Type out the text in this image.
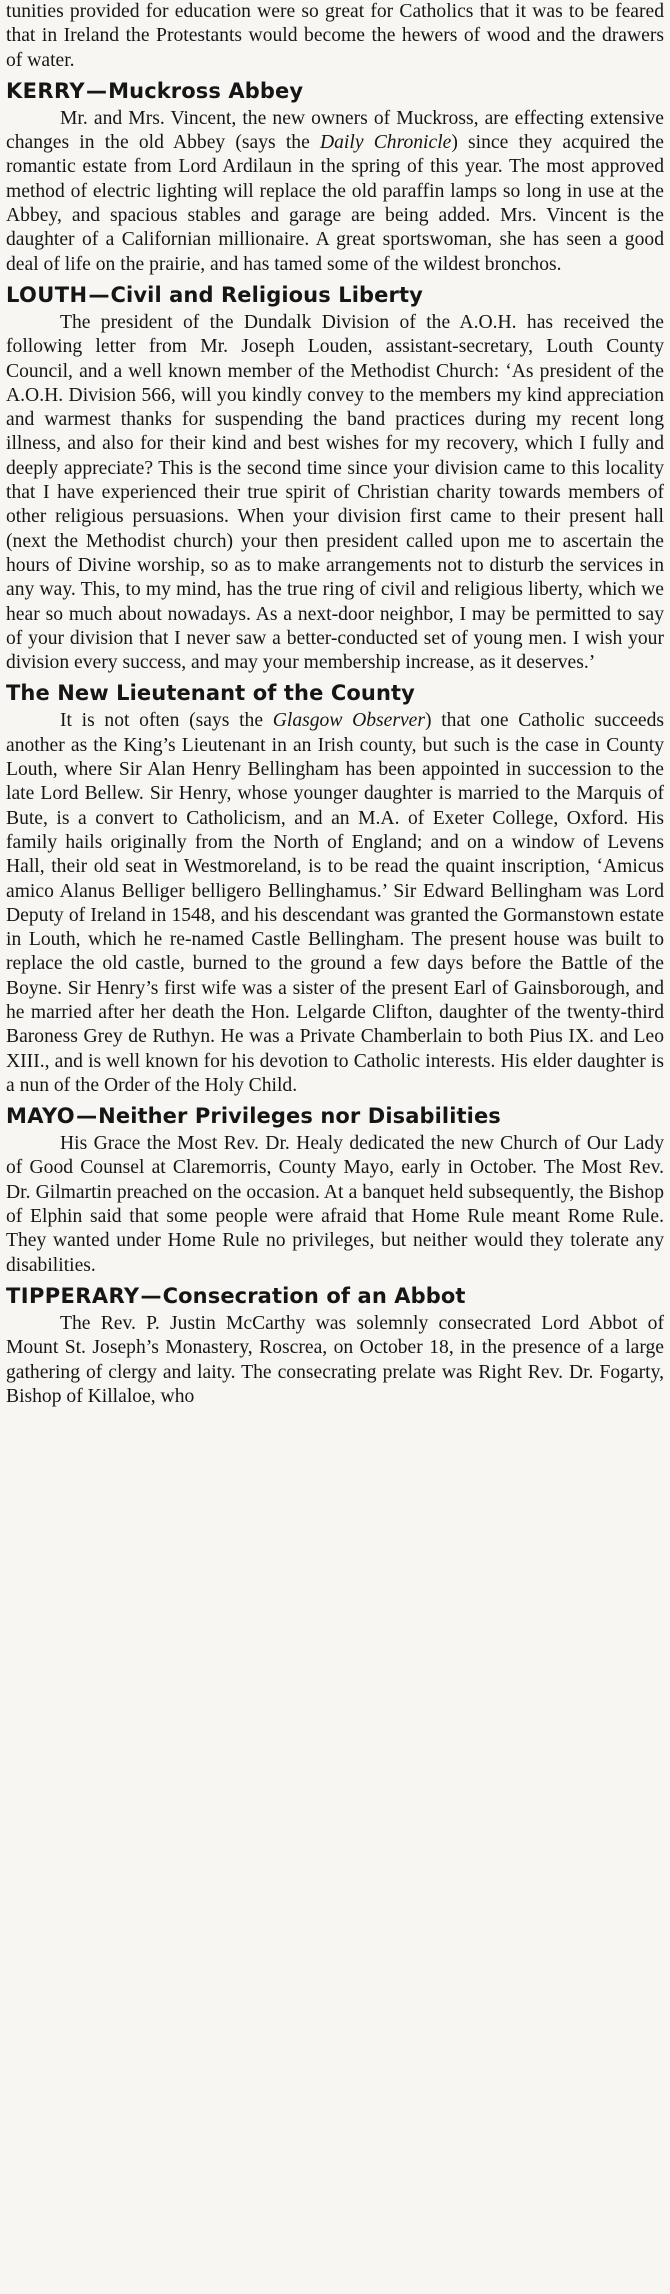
tunities provided for education were so great for Catholics that it was to be feared that in Ireland the Protestants would become the hewers of wood and the drawers of water.

KERRY—Muckross Abbey

Mr. and Mrs. Vincent, the new owners of Muckross, are effecting extensive changes in the old Abbey (says the Daily Chronicle) since they acquired the romantic estate from Lord Ardilaun in the spring of this year. The most approved method of electric lighting will replace the old paraffin lamps so long in use at the Abbey, and spacious stables and garage are being added. Mrs. Vincent is the daughter of a Californian millionaire. A great sportswoman, she has seen a good deal of life on the prairie, and has tamed some of the wildest bronchos.

LOUTH—Civil and Religious Liberty

The president of the Dundalk Division of the A.O.H. has received the following letter from Mr. Joseph Louden, assistant-secretary, Louth County Council, and a well known member of the Methodist Church: ‘As president of the A.O.H. Division 566, will you kindly convey to the members my kind appreciation and warmest thanks for suspending the band practices during my recent long illness, and also for their kind and best wishes for my recovery, which I fully and deeply appreciate? This is the second time since your division came to this locality that I have experienced their true spirit of Christian charity towards members of other religious persuasions. When your division first came to their present hall (next the Methodist church) your then president called upon me to ascertain the hours of Divine worship, so as to make arrangements not to disturb the services in any way. This, to my mind, has the true ring of civil and religious liberty, which we hear so much about nowadays. As a next-door neighbor, I may be permitted to say of your division that I never saw a better-conducted set of young men. I wish your division every success, and may your membership increase, as it deserves.’

The New Lieutenant of the County

It is not often (says the Glasgow Observer) that one Catholic succeeds another as the King’s Lieutenant in an Irish county, but such is the case in County Louth, where Sir Alan Henry Bellingham has been appointed in succession to the late Lord Bellew. Sir Henry, whose younger daughter is married to the Marquis of Bute, is a convert to Catholicism, and an M.A. of Exeter College, Oxford. His family hails originally from the North of England; and on a window of Levens Hall, their old seat in Westmoreland, is to be read the quaint inscription, ‘Amicus amico Alanus Belliger belligero Bellinghamus.’ Sir Edward Bellingham was Lord Deputy of Ireland in 1548, and his descendant was granted the Gormanstown estate in Louth, which he re-named Castle Bellingham. The present house was built to replace the old castle, burned to the ground a few days before the Battle of the Boyne. Sir Henry’s first wife was a sister of the present Earl of Gainsborough, and he married after her death the Hon. Lelgarde Clifton, daughter of the twenty-third Baroness Grey de Ruthyn. He was a Private Chamberlain to both Pius IX. and Leo XIII., and is well known for his devotion to Catholic interests. His elder daughter is a nun of the Order of the Holy Child.

MAYO—Neither Privileges nor Disabilities

His Grace the Most Rev. Dr. Healy dedicated the new Church of Our Lady of Good Counsel at Claremorris, County Mayo, early in October. The Most Rev. Dr. Gilmartin preached on the occasion. At a banquet held subsequently, the Bishop of Elphin said that some people were afraid that Home Rule meant Rome Rule. They wanted under Home Rule no privileges, but neither would they tolerate any disabilities.

TIPPERARY—Consecration of an Abbot

The Rev. P. Justin McCarthy was solemnly consecrated Lord Abbot of Mount St. Joseph’s Monastery, Roscrea, on October 18, in the presence of a large gathering of clergy and laity. The consecrating prelate was Right Rev. Dr. Fogarty, Bishop of Killaloe, who
